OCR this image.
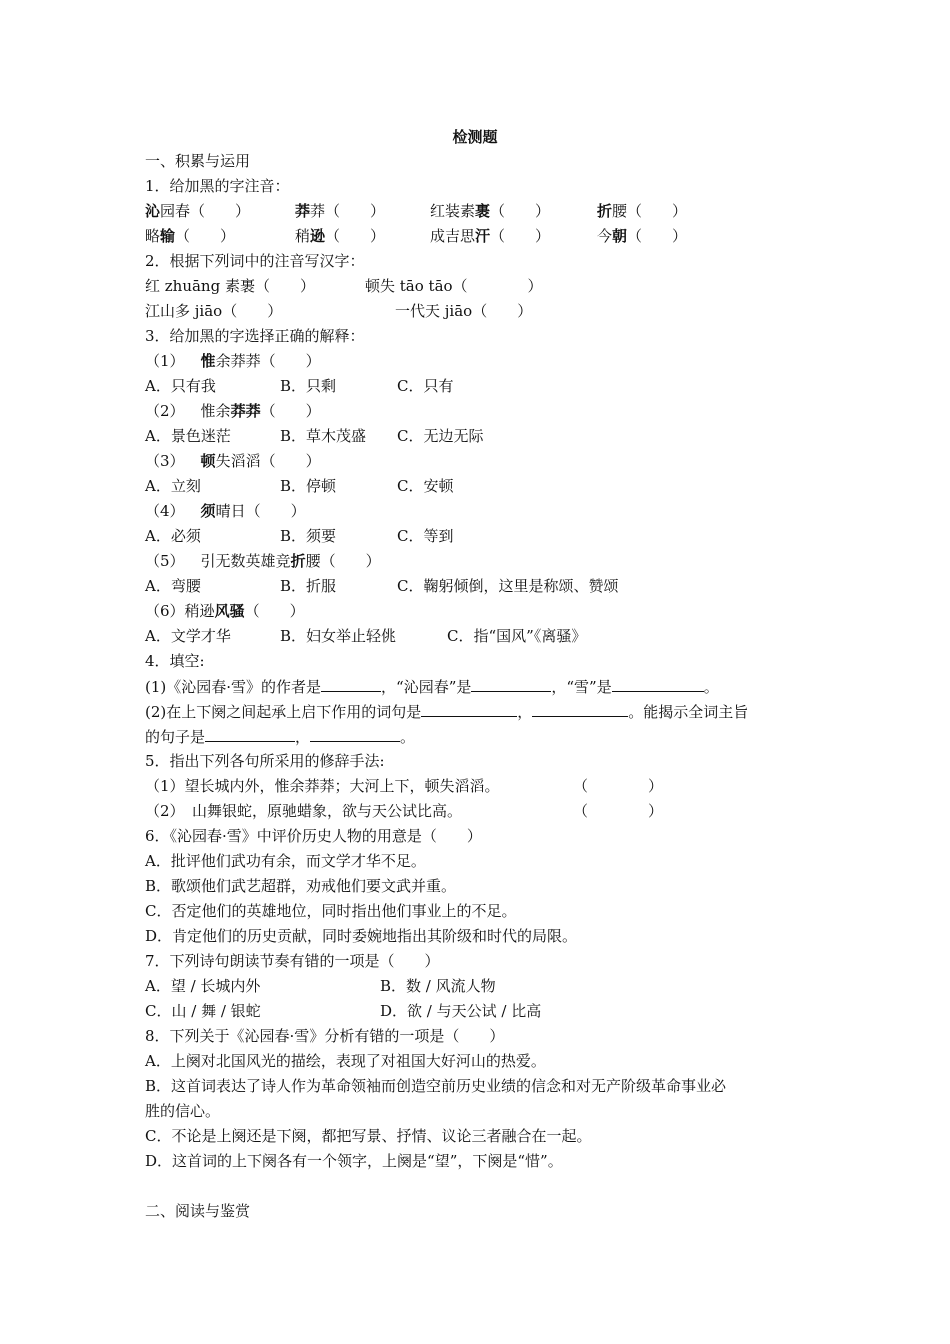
检测题
一、积累与运用
1．给加黑的字注音：
沁园春（　　）	莽莽（　　）	红装素裹（　　）	折腰（　　）
略输（　　）	稍逊（　　）	成吉思汗（　　）	今朝（　　）
2．根据下列词中的注音写汉字：
红 zhuāng 素裹（　　）	顿失 tāo tāo（　　　　）
江山多 jiāo（　　）	一代天 jiāo（　　）
3．给加黑的字选择正确的解释：
（1） 惟余莽莽（　　）
A．只有我	B．只剩	C．只有
（2） 惟余莽莽（　　）
A．景色迷茫	B．草木茂盛 C．无边无际
（3） 顿失滔滔（　　）
A．立刻	B．停顿	C．安顿
（4） 须晴日（　　）
A．必须	B．须要	C．等到
（5） 引无数英雄竞折腰（　　）
A．弯腰	B．折服	C．鞠躬倾倒，这里是称颂、赞颂
（6）稍逊风骚（　　）
A．文学才华	B．妇女举止轻佻	C．指“国风”《离骚》
4．填空:
(1)《沁园春·雪》的作者是	，“沁园春”是	，“雪”是	。
(2)在上下阕之间起承上启下作用的词句是	，	。能揭示全词主旨
的句子是	，	。
5．指出下列各句所采用的修辞手法:
（1）望长城内外，惟余莽莽；大河上下，顿失滔滔。	（　　　　）
（2）　山舞银蛇，原驰蜡象，欲与天公试比高。	（　　　　）
6．《沁园春·雪》中评价历史人物的用意是（　　）
A．批评他们武功有余，而文学才华不足。
B．歌颂他们武艺超群，劝戒他们要文武并重。
C．否定他们的英雄地位，同时指出他们事业上的不足。
D．肯定他们的历史贡献，同时委婉地指出其阶级和时代的局限。
7．下列诗句朗读节奏有错的一项是（　　）
A．望 / 长城内外	B．数 / 风流人物
C．山 / 舞 / 银蛇	D．欲 / 与天公试 / 比高
8．下列关于《沁园春·雪》分析有错的一项是（　　）
A．上阕对北国风光的描绘，表现了对祖国大好河山的热爱。
B．这首词表达了诗人作为革命领袖而创造空前历史业绩的信念和对无产阶级革命事业必
胜的信心。
C．不论是上阕还是下阕，都把写景、抒情、议论三者融合在一起。
D．这首词的上下阕各有一个领字，上阕是“望”，下阕是“惜”。
二、阅读与鉴赏
